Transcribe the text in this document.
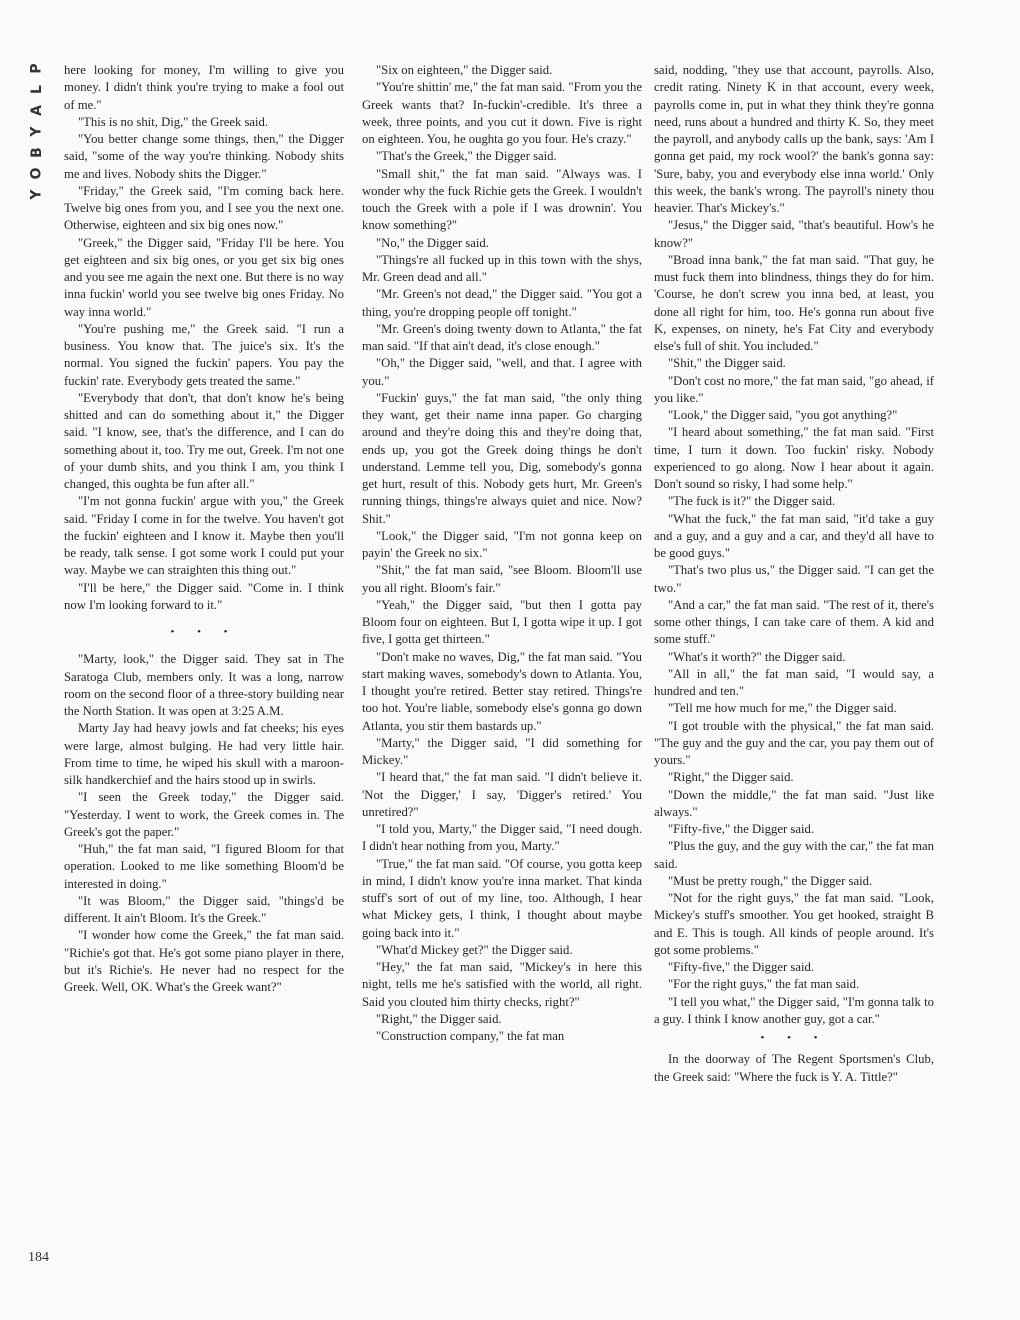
P
L
A
Y
B
O
Y
184

here looking for money, I'm willing to give you money. I didn't think you're trying to make a fool out of me."

"This is no shit, Dig," the Greek said.

"You better change some things, then," the Digger said, "some of the way you're thinking. Nobody shits me and lives. Nobody shits the Digger."

"Friday," the Greek said, "I'm coming back here. Twelve big ones from you, and I see you the next one. Otherwise, eighteen and six big ones now."

"Greek," the Digger said, "Friday I'll be here. You get eighteen and six big ones, or you get six big ones and you see me again the next one. But there is no way inna fuckin' world you see twelve big ones Friday. No way inna world."

"You're pushing me," the Greek said. "I run a business. You know that. The juice's six. It's the normal. You signed the fuckin' papers. You pay the fuckin' rate. Everybody gets treated the same."

"Everybody that don't, that don't know he's being shitted and can do something about it," the Digger said. "I know, see, that's the difference, and I can do something about it, too. Try me out, Greek. I'm not one of your dumb shits, and you think I am, you think I changed, this oughta be fun after all."

"I'm not gonna fuckin' argue with you," the Greek said. "Friday I come in for the twelve. You haven't got the fuckin' eighteen and I know it. Maybe then you'll be ready, talk sense. I got some work I could put your way. Maybe we can straighten this thing out."

"I'll be here," the Digger said. "Come in. I think now I'm looking forward to it."

• • •

"Marty, look," the Digger said. They sat in The Saratoga Club, members only. It was a long, narrow room on the second floor of a three-story building near the North Station. It was open at 3:25 A.M.

Marty Jay had heavy jowls and fat cheeks; his eyes were large, almost bulging. He had very little hair. From time to time, he wiped his skull with a maroon-silk handkerchief and the hairs stood up in swirls.

"I seen the Greek today," the Digger said. "Yesterday. I went to work, the Greek comes in. The Greek's got the paper."

"Huh," the fat man said, "I figured Bloom for that operation. Looked to me like something Bloom'd be interested in doing."

"It was Bloom," the Digger said, "things'd be different. It ain't Bloom. It's the Greek."

"I wonder how come the Greek," the fat man said. "Richie's got that. He's got some piano player in there, but it's Richie's. He never had no respect for the Greek. Well, OK. What's the Greek want?"

"Six on eighteen," the Digger said.

"You're shittin' me," the fat man said. "From you the Greek wants that? In-fuckin'-credible. It's three a week, three points, and you cut it down. Five is right on eighteen. You, he oughta go you four. He's crazy."

"That's the Greek," the Digger said.

"Small shit," the fat man said. "Always was. I wonder why the fuck Richie gets the Greek. I wouldn't touch the Greek with a pole if I was drownin'. You know something?"

"No," the Digger said.

"Things're all fucked up in this town with the shys, Mr. Green dead and all."

"Mr. Green's not dead," the Digger said. "You got a thing, you're dropping people off tonight."

"Mr. Green's doing twenty down to Atlanta," the fat man said. "If that ain't dead, it's close enough."

"Oh," the Digger said, "well, and that. I agree with you."

"Fuckin' guys," the fat man said, "the only thing they want, get their name inna paper. Go charging around and they're doing this and they're doing that, ends up, you got the Greek doing things he don't understand. Lemme tell you, Dig, somebody's gonna get hurt, result of this. Nobody gets hurt, Mr. Green's running things, things're always quiet and nice. Now? Shit."

"Look," the Digger said, "I'm not gonna keep on payin' the Greek no six."

"Shit," the fat man said, "see Bloom. Bloom'll use you all right. Bloom's fair."

"Yeah," the Digger said, "but then I gotta pay Bloom four on eighteen. But I, I gotta wipe it up. I got five, I gotta get thirteen."

"Don't make no waves, Dig," the fat man said. "You start making waves, somebody's down to Atlanta. You, I thought you're retired. Better stay retired. Things're too hot. You're liable, somebody else's gonna go down Atlanta, you stir them bastards up."

"Marty," the Digger said, "I did something for Mickey."

"I heard that," the fat man said. "I didn't believe it. 'Not the Digger,' I say, 'Digger's retired.' You unretired?"

"I told you, Marty," the Digger said, "I need dough. I didn't hear nothing from you, Marty."

"True," the fat man said. "Of course, you gotta keep in mind, I didn't know you're inna market. That kinda stuff's sort of out of my line, too. Although, I hear what Mickey gets, I think, I thought about maybe going back into it."

"What'd Mickey get?" the Digger said.

"Hey," the fat man said, "Mickey's in here this night, tells me he's satisfied with the world, all right. Said you clouted him thirty checks, right?"

"Right," the Digger said.

"Construction company," the fat man

said, nodding, "they use that account, payrolls. Also, credit rating. Ninety K in that account, every week, payrolls come in, put in what they think they're gonna need, runs about a hundred and thirty K. So, they meet the payroll, and anybody calls up the bank, says: 'Am I gonna get paid, my rock wool?' the bank's gonna say: 'Sure, baby, you and everybody else inna world.' Only this week, the bank's wrong. The payroll's ninety thou heavier. That's Mickey's."

"Jesus," the Digger said, "that's beautiful. How's he know?"

"Broad inna bank," the fat man said. "That guy, he must fuck them into blindness, things they do for him. 'Course, he don't screw you inna bed, at least, you done all right for him, too. He's gonna run about five K, expenses, on ninety, he's Fat City and everybody else's full of shit. You included."

"Shit," the Digger said.

"Don't cost no more," the fat man said, "go ahead, if you like."

"Look," the Digger said, "you got anything?"

"I heard about something," the fat man said. "First time, I turn it down. Too fuckin' risky. Nobody experienced to go along. Now I hear about it again. Don't sound so risky, I had some help."

"The fuck is it?" the Digger said.

"What the fuck," the fat man said, "it'd take a guy and a guy, and a guy and a car, and they'd all have to be good guys."

"That's two plus us," the Digger said. "I can get the two."

"And a car," the fat man said. "The rest of it, there's some other things, I can take care of them. A kid and some stuff."

"What's it worth?" the Digger said.

"All in all," the fat man said, "I would say, a hundred and ten."

"Tell me how much for me," the Digger said.

"I got trouble with the physical," the fat man said. "The guy and the guy and the car, you pay them out of yours."

"Right," the Digger said.

"Down the middle," the fat man said. "Just like always."

"Fifty-five," the Digger said.

"Plus the guy, and the guy with the car," the fat man said.

"Must be pretty rough," the Digger said.

"Not for the right guys," the fat man said. "Look, Mickey's stuff's smoother. You get hooked, straight B and E. This is tough. All kinds of people around. It's got some problems."

"Fifty-five," the Digger said.

"For the right guys," the fat man said.

"I tell you what," the Digger said, "I'm gonna talk to a guy. I think I know another guy, got a car."

• • •

In the doorway of The Regent Sportsmen's Club, the Greek said: "Where the fuck is Y. A. Tittle?"
